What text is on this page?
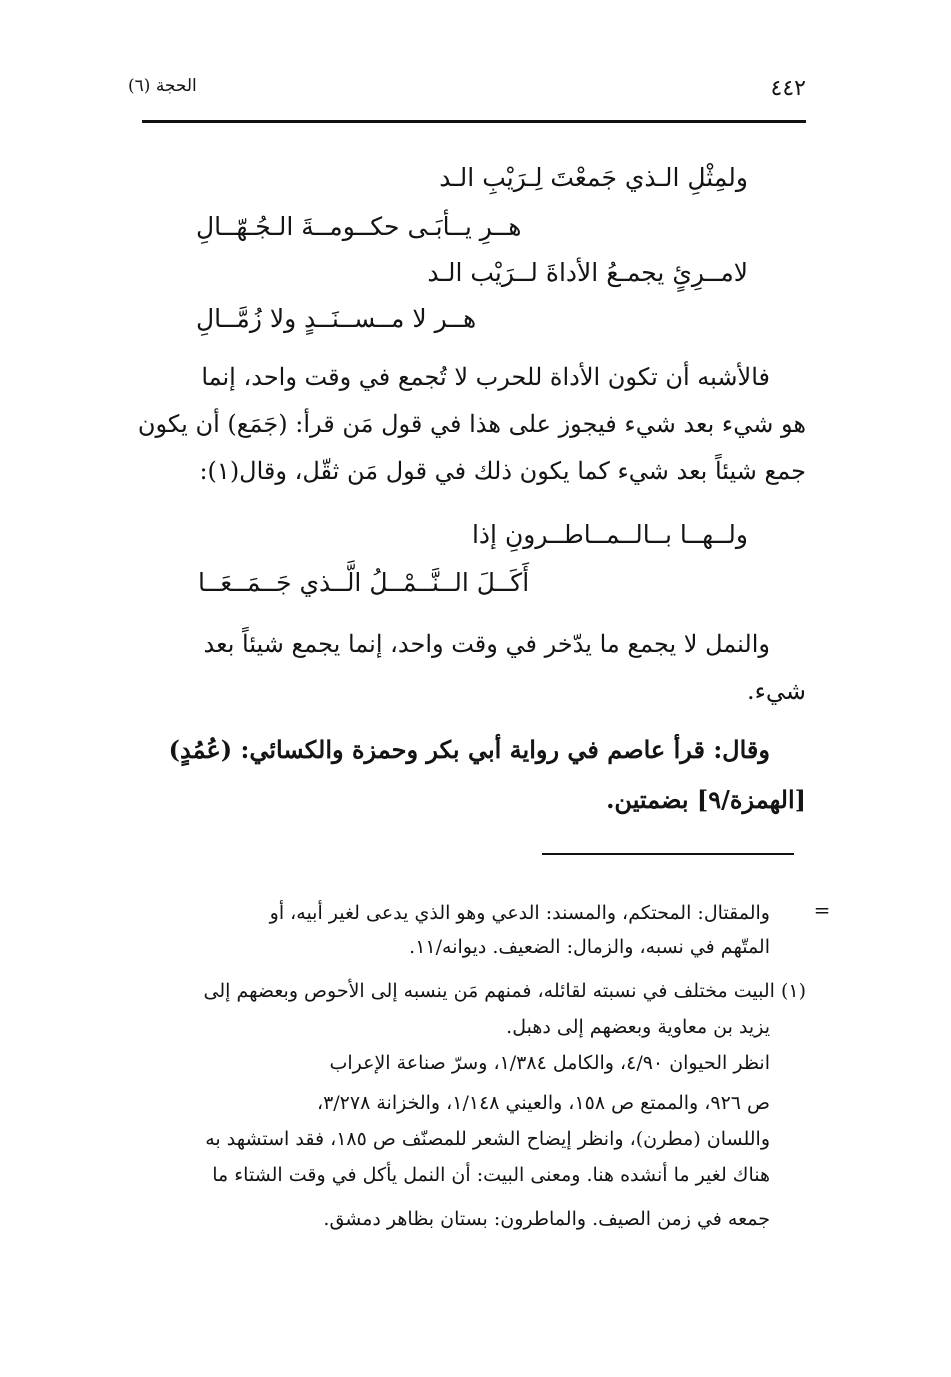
٤٤٢
الحجة (٦)
ولمِثْلِ الـذي جَمعْتَ لِـرَيْبِ الـد
هــرِ يــأبَـى حكــومــةَ الـجُـهّــالِ
لامــرِئٍ يجمـعُ الأداةَ لــرَيْب الـد
هــر لا مــســنَــدٍ ولا زُمَّــالِ
فالأشبه أن تكون الأداة للحرب لا تُجمع في وقت واحد، إنما
هو شيء بعد شيء فيجوز على هذا في قول مَن قرأ: (جَمَع) أن يكون
جمع شيئاً بعد شيء كما يكون ذلك في قول مَن ثقّل، وقال(١):
ولــهــا بــالــمــاطــرونِ إذا
أَكَــلَ الــنَّــمْــلُ الَّــذي جَــمَــعَــا
والنمل لا يجمع ما يدّخر في وقت واحد، إنما يجمع شيئاً بعد
شيء.
وقال: قرأ عاصم في رواية أبي بكر وحمزة والكسائي: (عُمُدٍ)
[الهمزة/٩] بضمتين.
=
والمقتال: المحتكم، والمسند: الدعي وهو الذي يدعى لغير أبيه، أو
المتّهم في نسبه، والزمال: الضعيف. ديوانه/١١.
(١) البيت مختلف في نسبته لقائله، فمنهم مَن ينسبه إلى الأحوص وبعضهم إلى
يزيد بن معاوية وبعضهم إلى دهبل.
انظر الحيوان ٤/٩٠، والكامل ١/٣٨٤، وسرّ صناعة الإعراب
ص ٩٢٦، والممتع ص ١٥٨، والعيني ١/١٤٨، والخزانة ٣/٢٧٨،
واللسان (مطرن)، وانظر إيضاح الشعر للمصنّف ص ١٨٥، فقد استشهد به
هناك لغير ما أنشده هنا. ومعنى البيت: أن النمل يأكل في وقت الشتاء ما
جمعه في زمن الصيف. والماطرون: بستان بظاهر دمشق.
